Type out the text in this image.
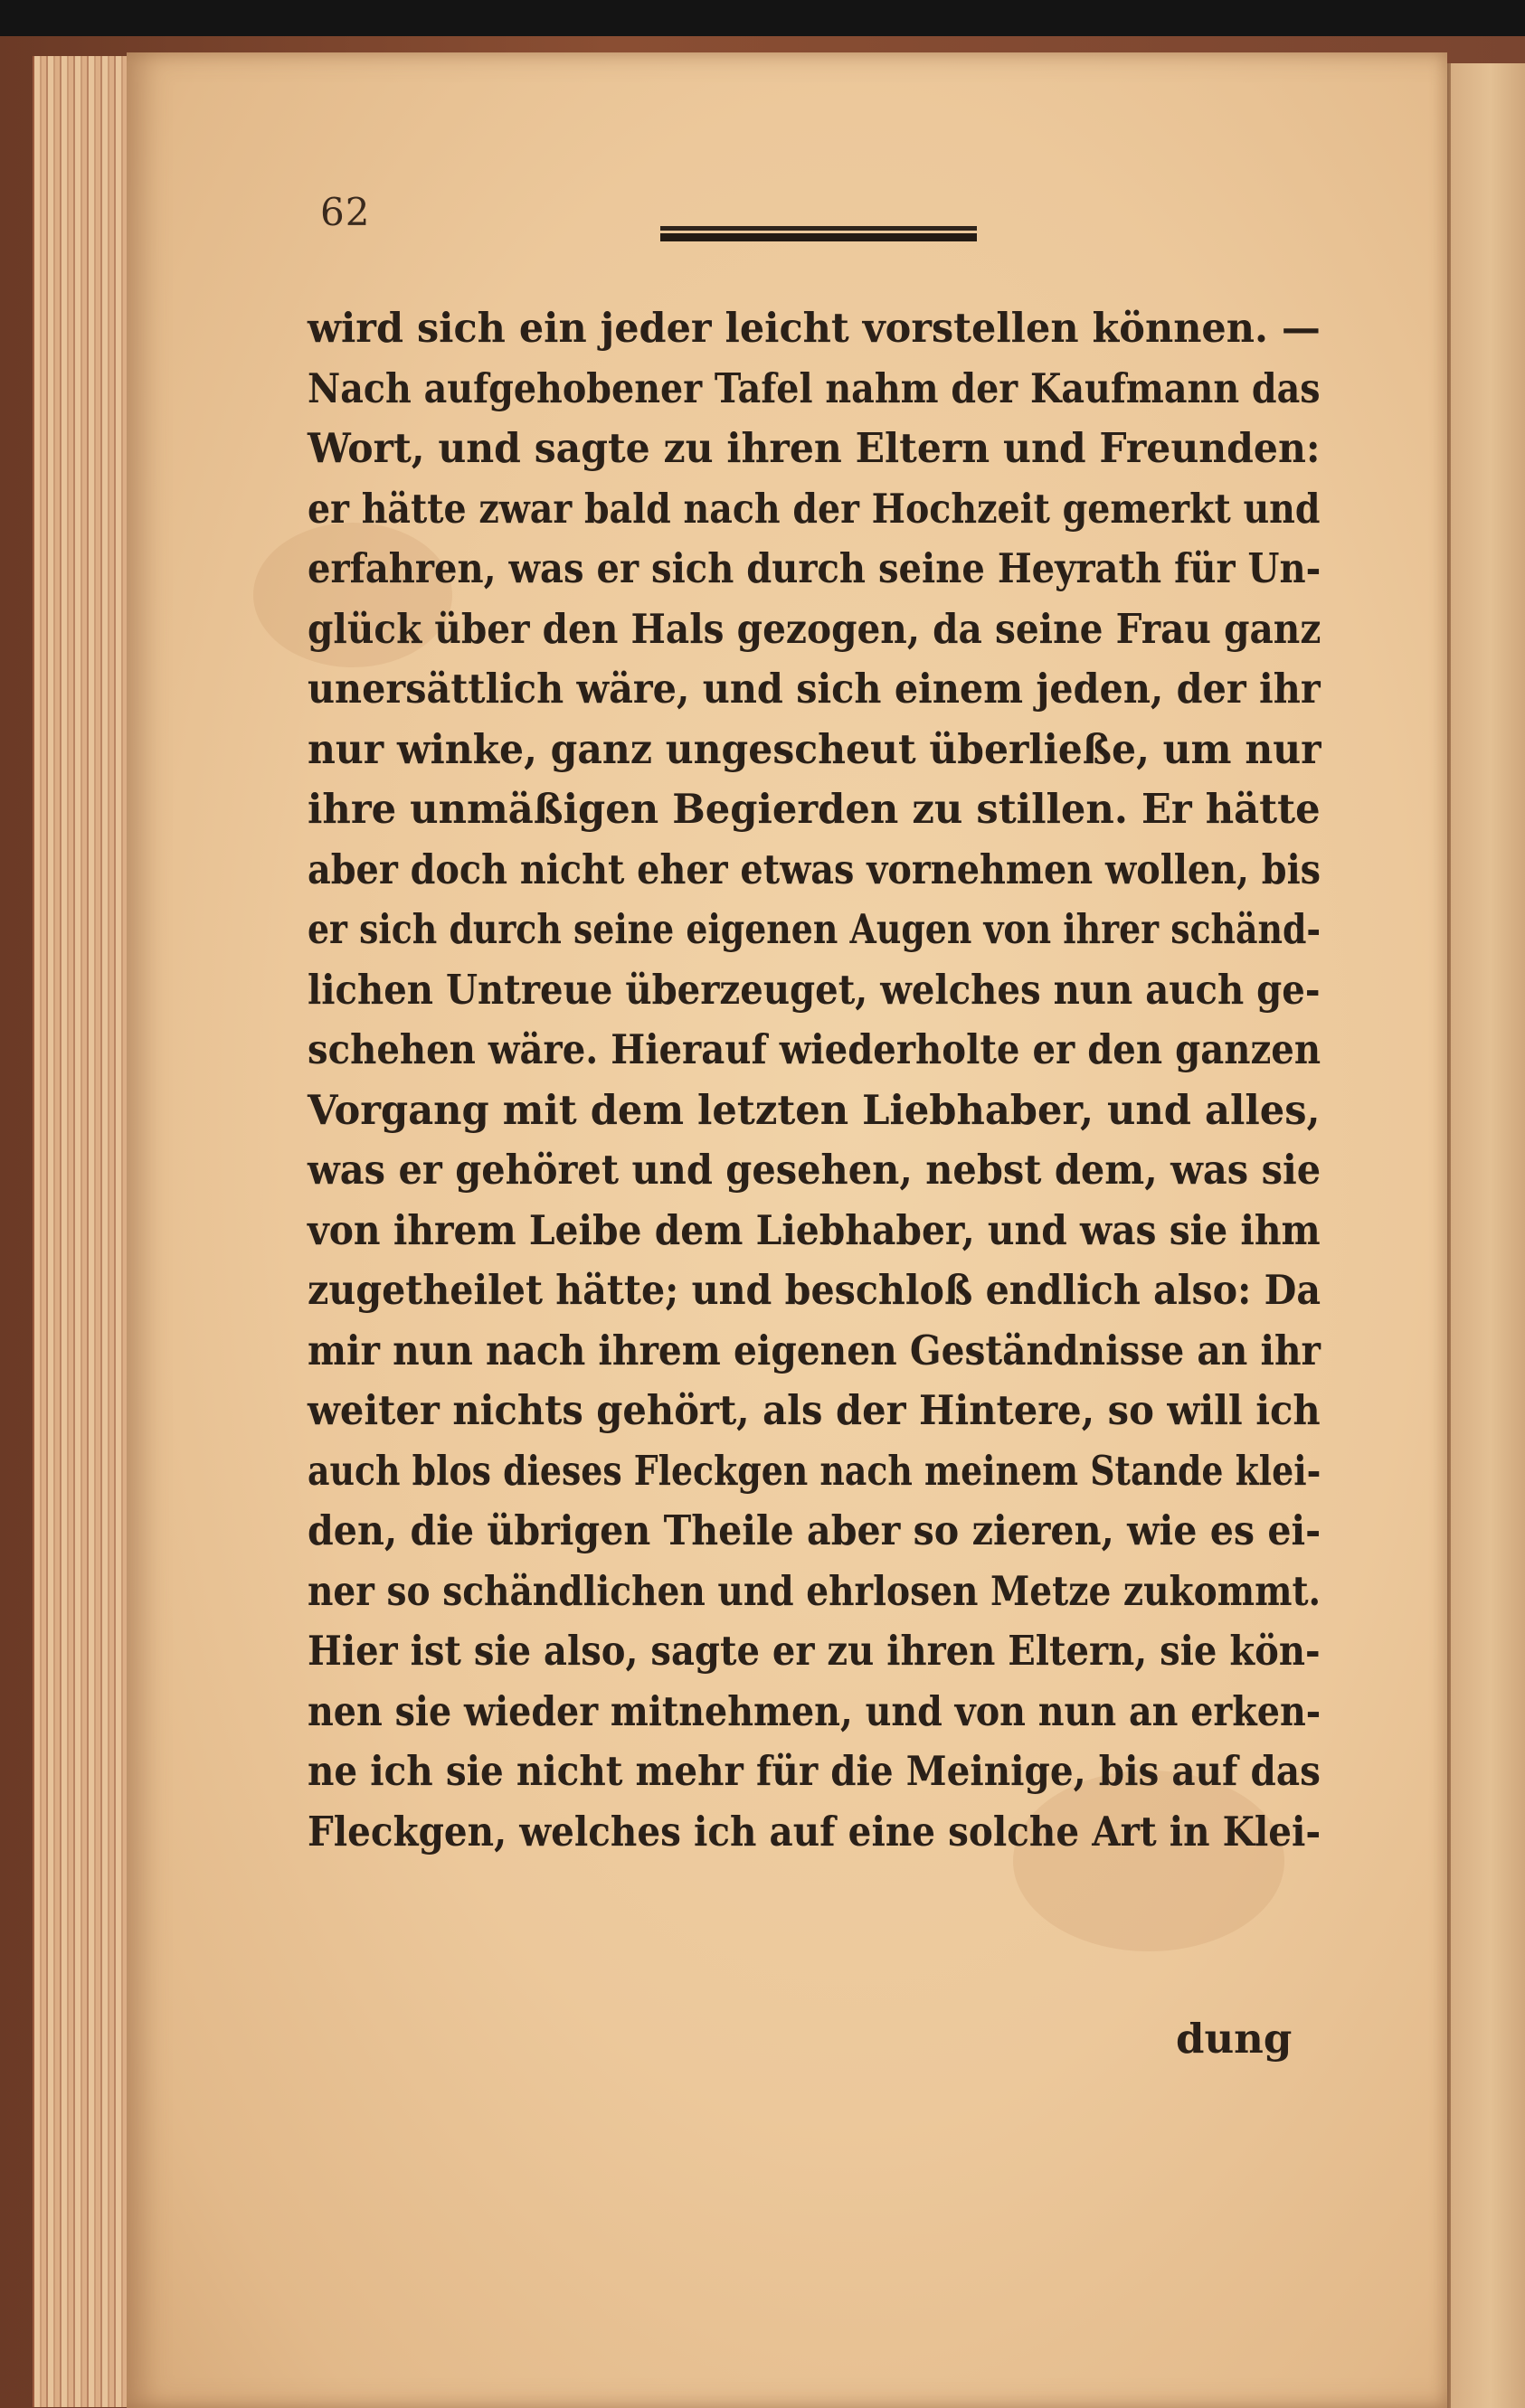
62
wird sich ein jeder leicht vorstellen können. —
Nach aufgehobener Tafel nahm der Kaufmann das
Wort, und sagte zu ihren Eltern und Freunden:
er hätte zwar bald nach der Hochzeit gemerkt und
erfahren, was er sich durch seine Heyrath für Un-
glück über den Hals gezogen, da seine Frau ganz
unersättlich wäre, und sich einem jeden, der ihr
nur winke, ganz ungescheut überließe, um nur
ihre unmäßigen Begierden zu stillen. Er hätte
aber doch nicht eher etwas vornehmen wollen, bis
er sich durch seine eigenen Augen von ihrer schänd-
lichen Untreue überzeuget, welches nun auch ge-
schehen wäre. Hierauf wiederholte er den ganzen
Vorgang mit dem letzten Liebhaber, und alles,
was er gehöret und gesehen, nebst dem, was sie
von ihrem Leibe dem Liebhaber, und was sie ihm
zugetheilet hätte; und beschloß endlich also: Da
mir nun nach ihrem eigenen Geständnisse an ihr
weiter nichts gehört, als der Hintere, so will ich
auch blos dieses Fleckgen nach meinem Stande klei-
den, die übrigen Theile aber so zieren, wie es ei-
ner so schändlichen und ehrlosen Metze zukommt.
Hier ist sie also, sagte er zu ihren Eltern, sie kön-
nen sie wieder mitnehmen, und von nun an erken-
ne ich sie nicht mehr für die Meinige, bis auf das
Fleckgen, welches ich auf eine solche Art in Klei-
dung
